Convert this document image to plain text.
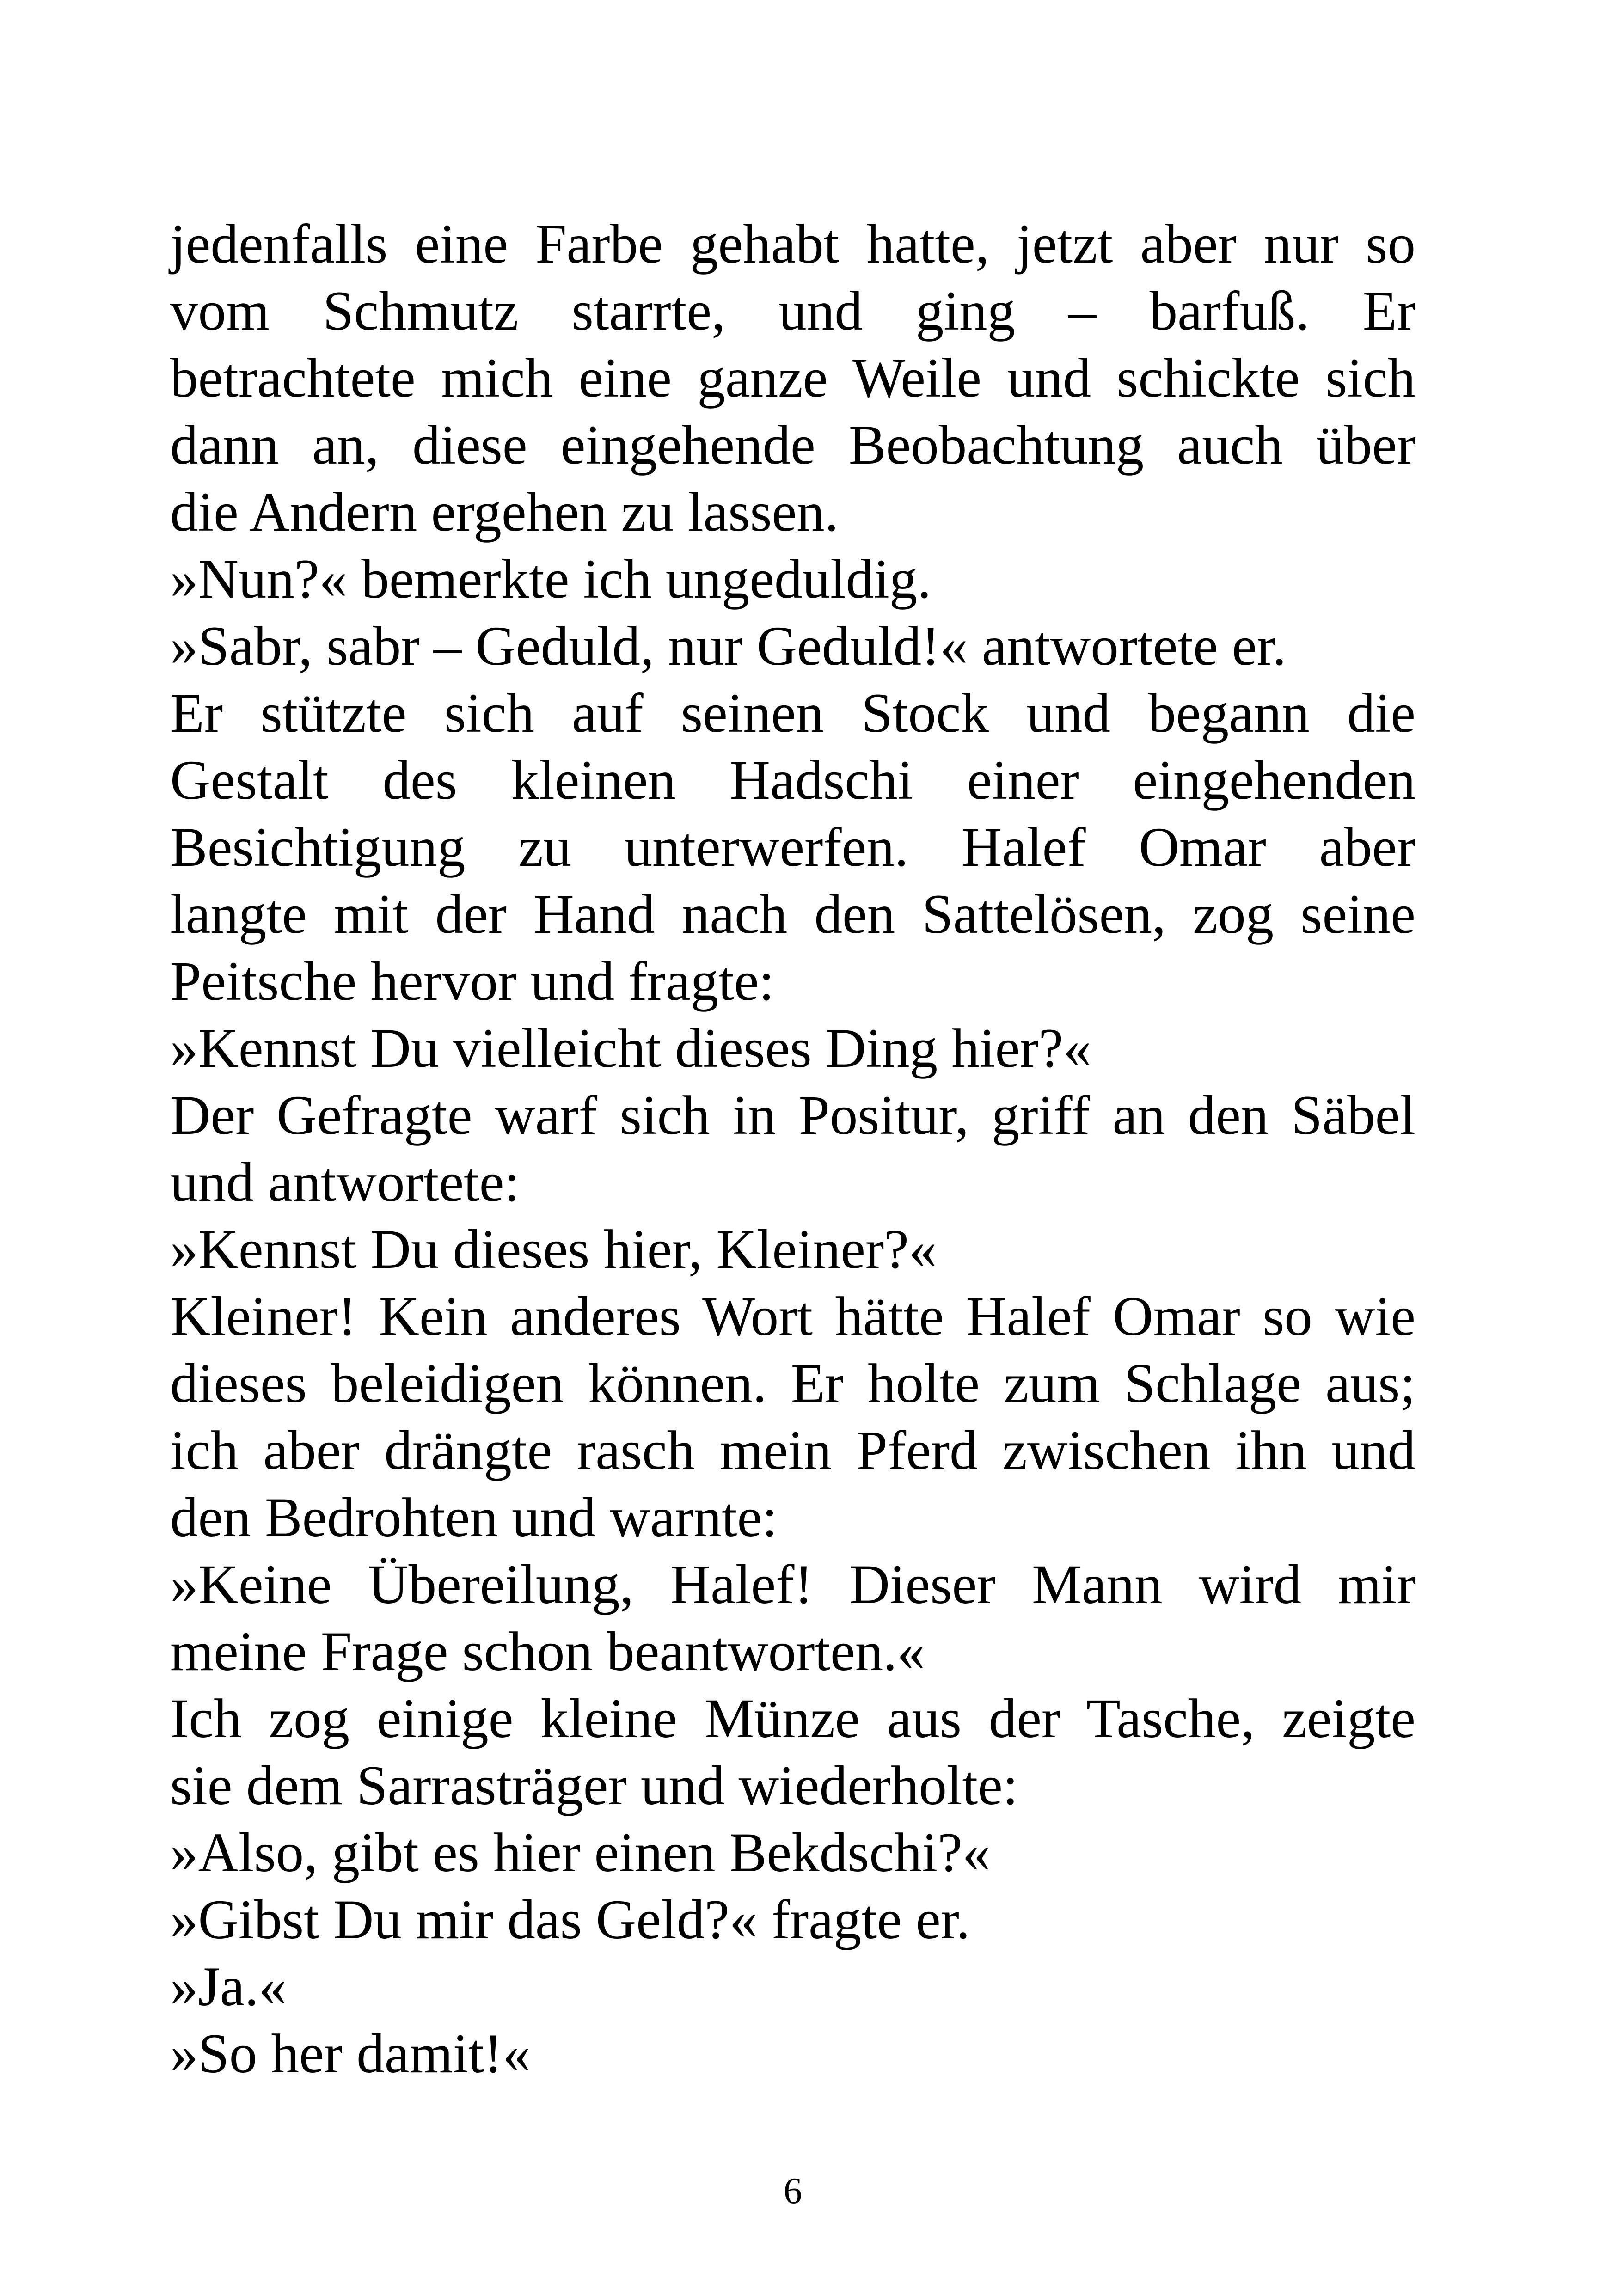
jedenfalls eine Farbe gehabt hatte, jetzt aber nur so
vom Schmutz starrte, und ging – barfuß. Er
betrachtete mich eine ganze Weile und schickte sich
dann an, diese eingehende Beobachtung auch über
die Andern ergehen zu lassen.
»Nun?« bemerkte ich ungeduldig.
»Sabr, sabr – Geduld, nur Geduld!« antwortete er.
Er stützte sich auf seinen Stock und begann die
Gestalt des kleinen Hadschi einer eingehenden
Besichtigung zu unterwerfen. Halef Omar aber
langte mit der Hand nach den Sattelösen, zog seine
Peitsche hervor und fragte:
»Kennst Du vielleicht dieses Ding hier?«
Der Gefragte warf sich in Positur, griff an den Säbel
und antwortete:
»Kennst Du dieses hier, Kleiner?«
Kleiner! Kein anderes Wort hätte Halef Omar so wie
dieses beleidigen können. Er holte zum Schlage aus;
ich aber drängte rasch mein Pferd zwischen ihn und
den Bedrohten und warnte:
»Keine Übereilung, Halef! Dieser Mann wird mir
meine Frage schon beantworten.«
Ich zog einige kleine Münze aus der Tasche, zeigte
sie dem Sarrasträger und wiederholte:
»Also, gibt es hier einen Bekdschi?«
»Gibst Du mir das Geld?« fragte er.
»Ja.«
»So her damit!«
6
